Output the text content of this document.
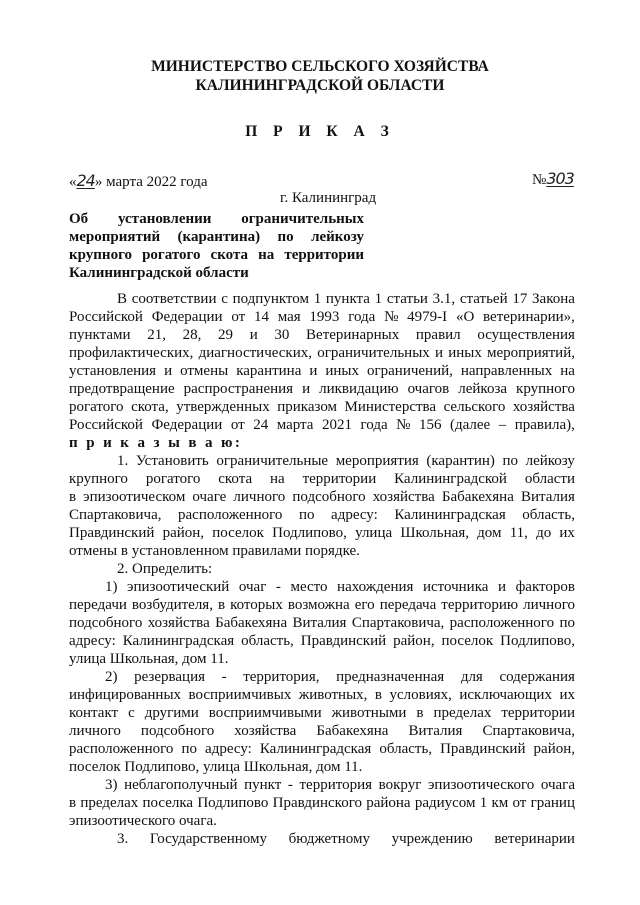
МИНИСТЕРСТВО СЕЛЬСКОГО ХОЗЯЙСТВА
КАЛИНИНГРАДСКОЙ ОБЛАСТИ
П Р И К А З
«24» марта 2022 года	№303
г. Калининград
Об установлении ограничительных
мероприятий (карантина) по лейкозу
крупного рогатого скота на территории
Калининградской области
В соответствии с подпунктом 1 пункта 1 статьи 3.1, статьей 17 Закона
Российской Федерации от 14 мая 1993 года № 4979-I «О ветеринарии»,
пунктами 21, 28, 29 и 30 Ветеринарных правил осуществления
профилактических, диагностических, ограничительных и иных мероприятий,
установления и отмены карантина и иных ограничений, направленных на
предотвращение распространения и ликвидацию очагов лейкоза крупного
рогатого скота, утвержденных приказом Министерства сельского хозяйства
Российской Федерации от 24 марта 2021 года № 156 (далее – правила),
п р и к а з ы в а ю:
1. Установить ограничительные мероприятия (карантин) по лейкозу
крупного рогатого скота на территории Калининградской области
в эпизоотическом очаге личного подсобного хозяйства Бабакехяна Виталия
Спартаковича, расположенного по адресу: Калининградская область,
Правдинский район, поселок Подлипово, улица Школьная, дом 11, до их
отмены в установленном правилами порядке.
2. Определить:
1) эпизоотический очаг - место нахождения источника и факторов
передачи возбудителя, в которых возможна его передача территорию личного
подсобного хозяйства Бабакехяна Виталия Спартаковича, расположенного по
адресу: Калининградская область, Правдинский район, поселок Подлипово,
улица Школьная, дом 11.
2) резервация - территория, предназначенная для содержания
инфицированных восприимчивых животных, в условиях, исключающих их
контакт с другими восприимчивыми животными в пределах территории
личного подсобного хозяйства Бабакехяна Виталия Спартаковича,
расположенного по адресу: Калининградская область, Правдинский район,
поселок Подлипово, улица Школьная, дом 11.
3) неблагополучный пункт - территория вокруг эпизоотического очага
в пределах поселка Подлипово Правдинского района радиусом 1 км от границ
эпизоотического очага.
3. Государственному бюджетному учреждению ветеринарии
